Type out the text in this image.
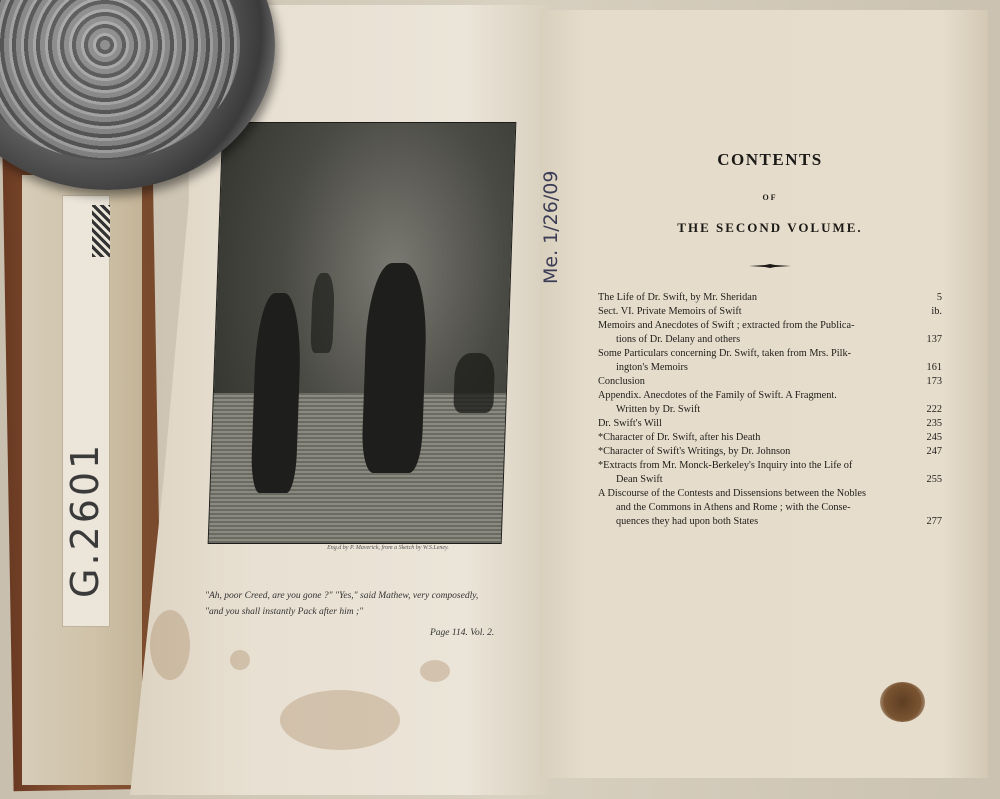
G.2601	Eng.d by P. Maverick, from a Sketch by W.S.Leney.
"Ah, poor Creed, are you gone ?" "Yes," said Mathew, very composedly,
"and you shall instantly Pack after him ;"
Page 114. Vol. 2.
Me. 1/26/09
CONTENTS
OF
THE SECOND VOLUME.
The Life of Dr. Swift, by Mr. Sheridan	5
Sect. VI. Private Memoirs of Swift	ib.
Memoirs and Anecdotes of Swift ; extracted from the Publica-
tions of Dr. Delany and others	137
Some Particulars concerning Dr. Swift, taken from Mrs. Pilk-
ington's Memoirs	161
Conclusion	173
Appendix. Anecdotes of the Family of Swift. A Fragment.
Written by Dr. Swift	222
Dr. Swift's Will	235
*Character of Dr. Swift, after his Death	245
*Character of Swift's Writings, by Dr. Johnson	247
*Extracts from Mr. Monck-Berkeley's Inquiry into the Life of
Dean Swift	255
A Discourse of the Contests and Dissensions between the Nobles
and the Commons in Athens and Rome ; with the Conse-
quences they had upon both States	277
